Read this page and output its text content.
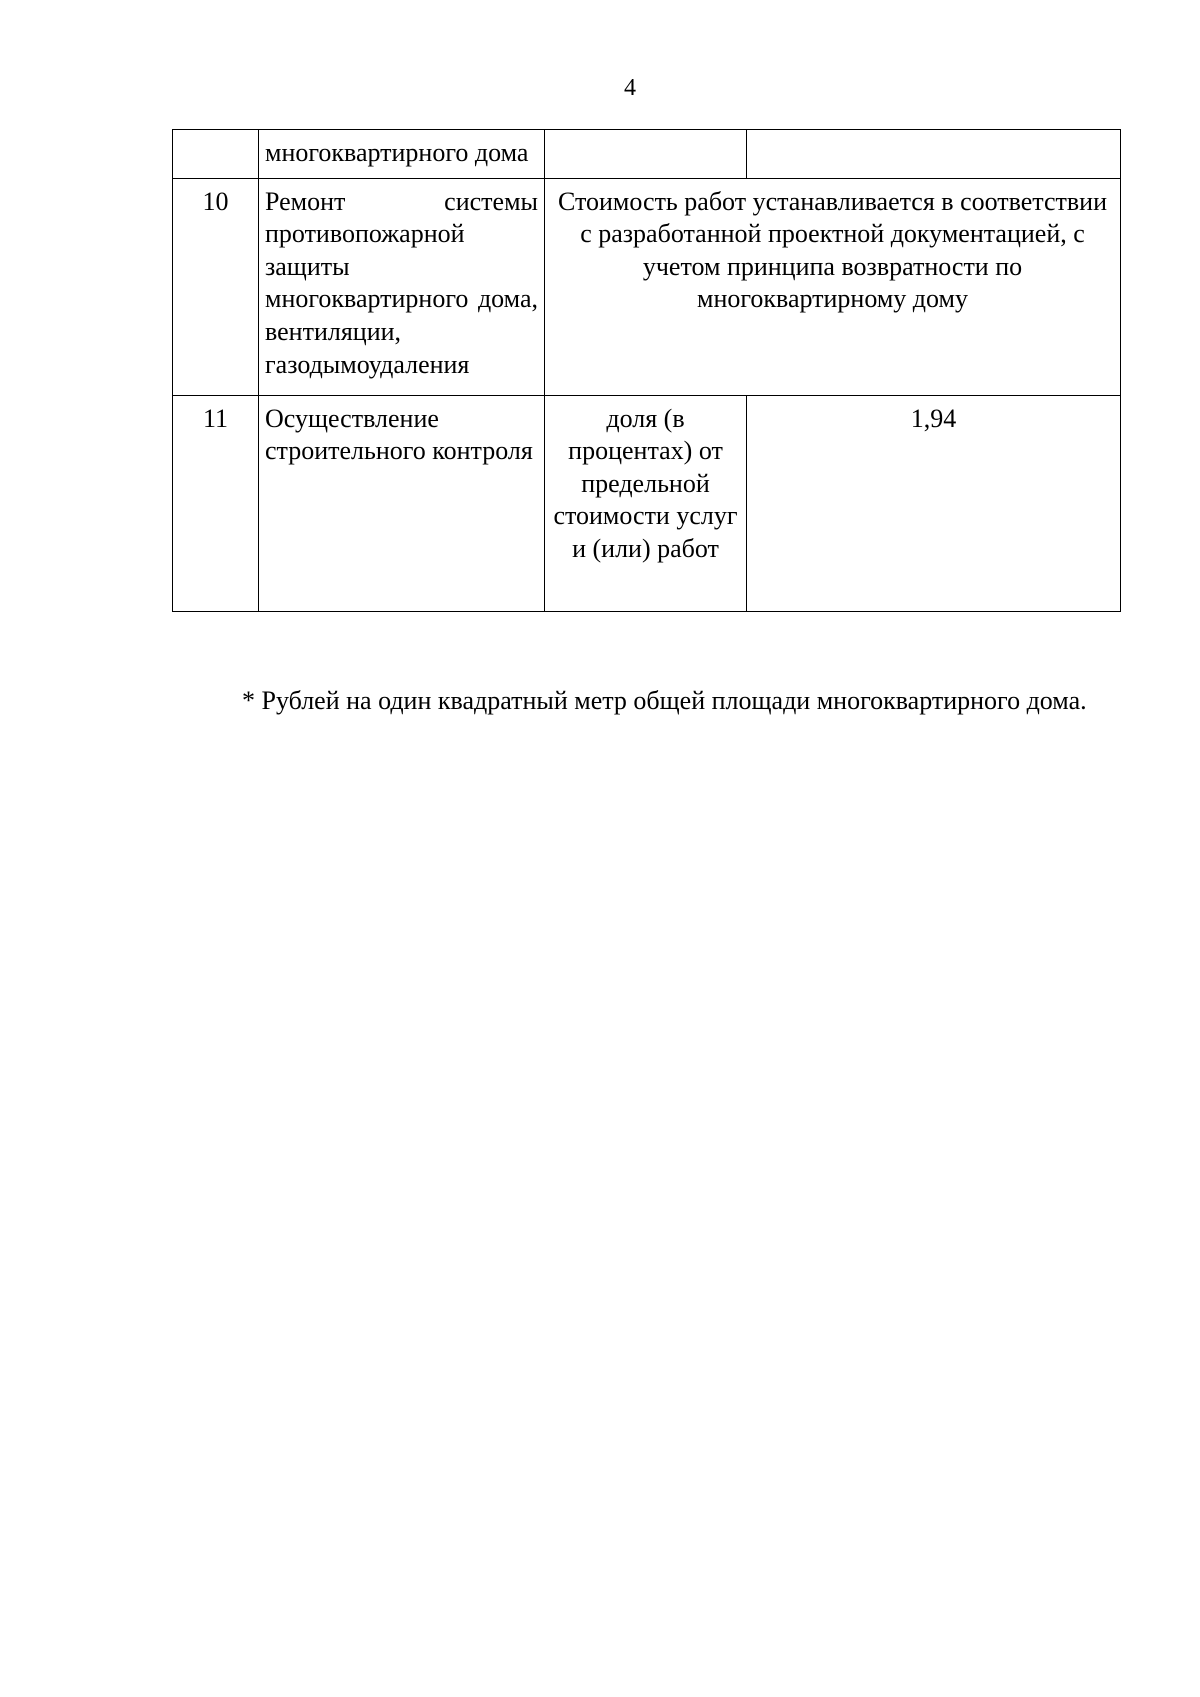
4
	многоквартирного дома		
10	Ремонт системы противопожарной защиты многоквартирного дома, вентиляции, газодымоудаления	Стоимость работ устанавливается в соответствии с разработанной проектной документацией, с учетом принципа возвратности по многоквартирному дому	
11	Осуществление строительного контроля	доля (в процентах) от предельной стоимости услуг и (или) работ	1,94

* Рублей на один квадратный метр общей площади многоквартирного дома.
